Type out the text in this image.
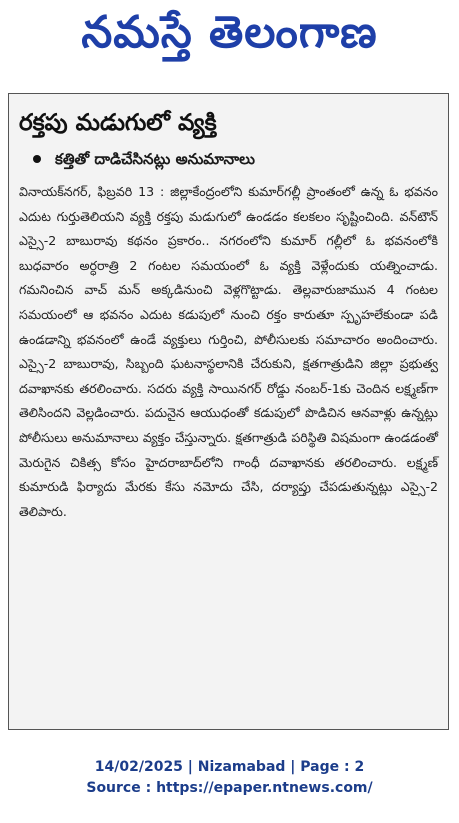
నమస్తే తెలంగాణ
రక్తపు మడుగులో వ్యక్తి
కత్తితో దాడిచేసినట్లు అనుమానాలు

వినాయక్‌నగర్, ఫిబ్రవరి 13 : జిల్లాకేంద్రంలోని కుమార్‌గల్లీ ప్రాంతంలో ఉన్న ఓ భవనం ఎదుట గుర్తుతెలియని వ్యక్తి రక్తపు మడుగులో ఉండడం కలకలం సృష్టించింది. వన్‌టౌన్ ఎస్సై-2 బాబురావు కథనం ప్రకారం.. నగరంలోని కుమార్ గల్లీలో ఓ భవనంలోకి బుధవారం అర్ధరాత్రి 2 గంటల సమయంలో ఓ వ్యక్తి వెళ్లేందుకు యత్నించాడు. గమనించిన వాచ్ మన్ అక్కడినుంచి వెళ్లగొట్టాడు. తెల్లవారుజామున 4 గంటల సమయంలో ఆ భవనం ఎదుట కడుపులో నుంచి రక్తం కారుతూ స్పృహలేకుండా పడి ఉండడాన్ని భవనంలో ఉండే వ్యక్తులు గుర్తించి, పోలీసులకు సమాచారం అందించారు. ఎస్సై-2 బాబురావు, సిబ్బంది ఘటనాస్థలానికి చేరుకుని, క్షతగాత్రుడిని జిల్లా ప్రభుత్వ దవాఖానకు తరలించారు. సదరు వ్యక్తి సాయినగర్ రోడ్డు నంబర్-1కు చెందిన లక్ష్మణ్‌గా తెలిసిందని వెల్లడించారు. పదునైన ఆయుధంతో కడుపులో పొడిచిన ఆనవాళ్లు ఉన్నట్లు పోలీసులు అనుమానాలు వ్యక్తం చేస్తున్నారు. క్షతగాత్రుడి పరిస్థితి విషమంగా ఉండడంతో మెరుగైన చికిత్స కోసం హైదరాబాద్‌లోని గాంధీ దవాఖానకు తరలించారు. లక్ష్మణ్ కుమారుడి ఫిర్యాదు మేరకు కేసు నమోదు చేసి, దర్యాప్తు చేపడుతున్నట్లు ఎస్సై-2 తెలిపారు.

14/02/2025 | Nizamabad | Page : 2
Source : https://epaper.ntnews.com/
